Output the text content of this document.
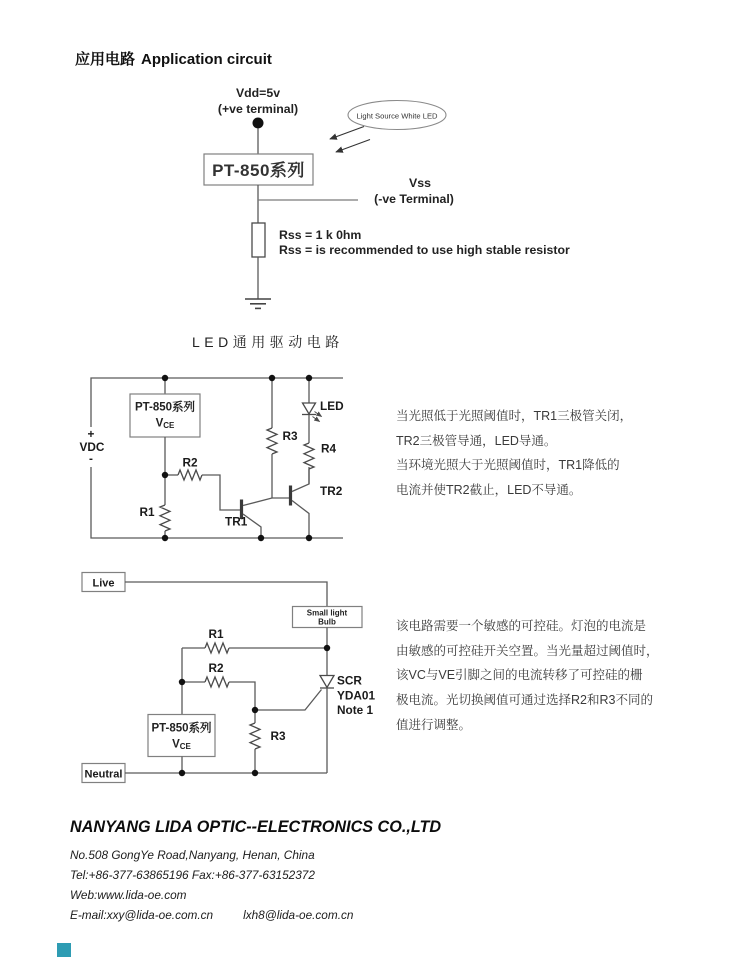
应用电路 Application circuit
Vdd=5v
(+ve terminal)
PT-850系列
Light Source White LED
Vss
(-ve Terminal)
Rss = 1 k 0hm
Rss = is recommended to use high stable resistor
LED通用驱动电路
+
VDC
-
PT-850系列
VCE
R1
R2
TR1
R3
TR2
LED
R4
当光照低于光照阈值时，TR1三极管关闭，
TR2三极管导通，LED导通。
当环境光照大于光照阈值时，TR1降低的
电流并使TR2截止，LED不导通。
Live
Small light
Bulb
R1
R2
R3
PT-850系列
VCE
SCR
YDA01
Note 1
Neutral
该电路需要一个敏感的可控硅。灯泡的电流是
由敏感的可控硅开关空置。当光量超过阈值时，
该VC与VE引脚之间的电流转移了可控硅的栅
极电流。光切换阈值可通过选择R2和R3不同的
值进行调整。
NANYANG LIDA OPTIC--ELECTRONICS CO.,LTD
No.508 GongYe Road,Nanyang, Henan, China
Tel:+86-377-63865196 Fax:+86-377-63152372
Web:www.lida-oe.com
E-mail:xxy@lida-oe.com.cn	lxh8@lida-oe.com.cn
